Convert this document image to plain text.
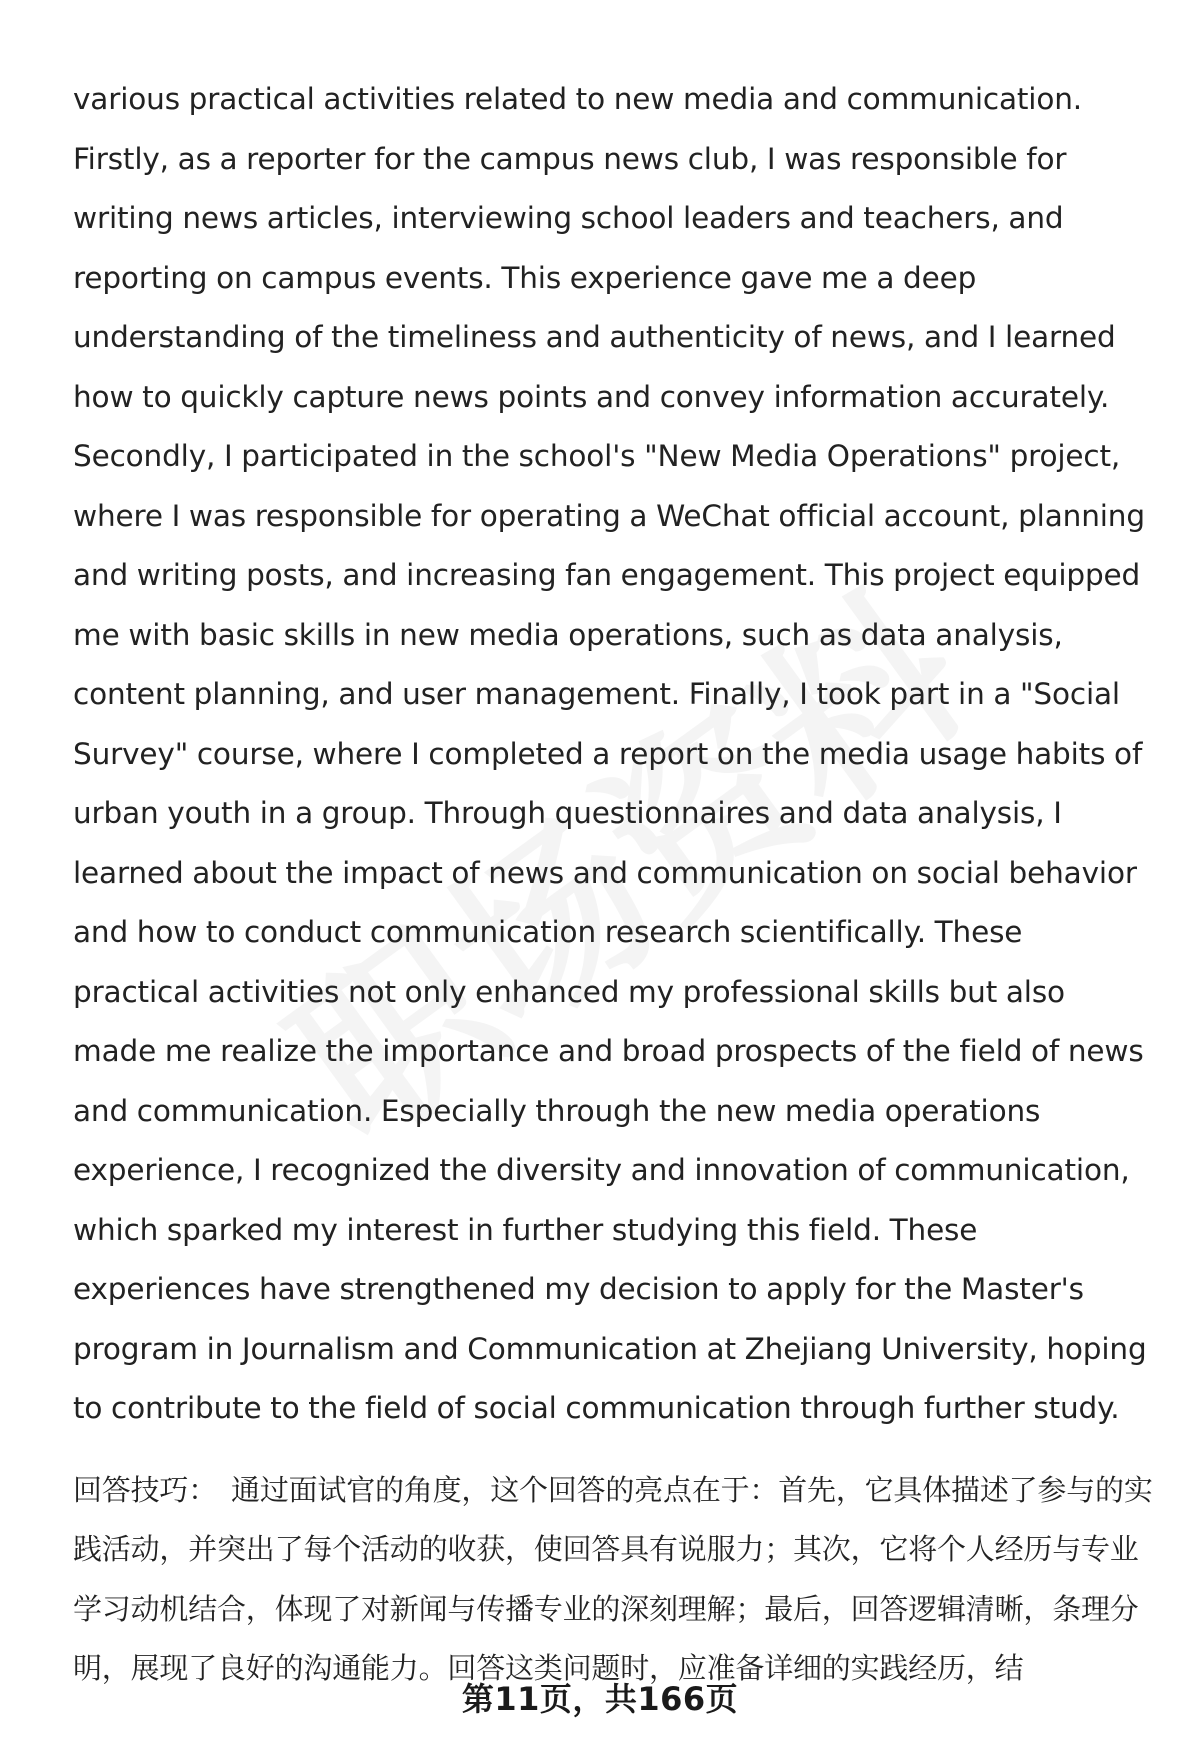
various practical activities related to new media and communication. Firstly, as a reporter for the campus news club, I was responsible for writing news articles, interviewing school leaders and teachers, and reporting on campus events. This experience gave me a deep understanding of the timeliness and authenticity of news, and I learned how to quickly capture news points and convey information accurately. Secondly, I participated in the school's "New Media Operations" project, where I was responsible for operating a WeChat official account, planning and writing posts, and increasing fan engagement. This project equipped me with basic skills in new media operations, such as data analysis, content planning, and user management. Finally, I took part in a "Social Survey" course, where I completed a report on the media usage habits of urban youth in a group. Through questionnaires and data analysis, I learned about the impact of news and communication on social behavior and how to conduct communication research scientifically. These practical activities not only enhanced my professional skills but also made me realize the importance and broad prospects of the field of news and communication. Especially through the new media operations experience, I recognized the diversity and innovation of communication, which sparked my interest in further studying this field. These experiences have strengthened my decision to apply for the Master's program in Journalism and Communication at Zhejiang University, hoping to contribute to the field of social communication through further study.

回答技巧： 通过面试官的角度，这个回答的亮点在于：首先，它具体描述了参与的实践活动，并突出了每个活动的收获，使回答具有说服力；其次，它将个人经历与专业学习动机结合，体现了对新闻与传播专业的深刻理解；最后，回答逻辑清晰，条理分明，展现了良好的沟通能力。回答这类问题时，应准备详细的实践经历，结

第11页，共166页
